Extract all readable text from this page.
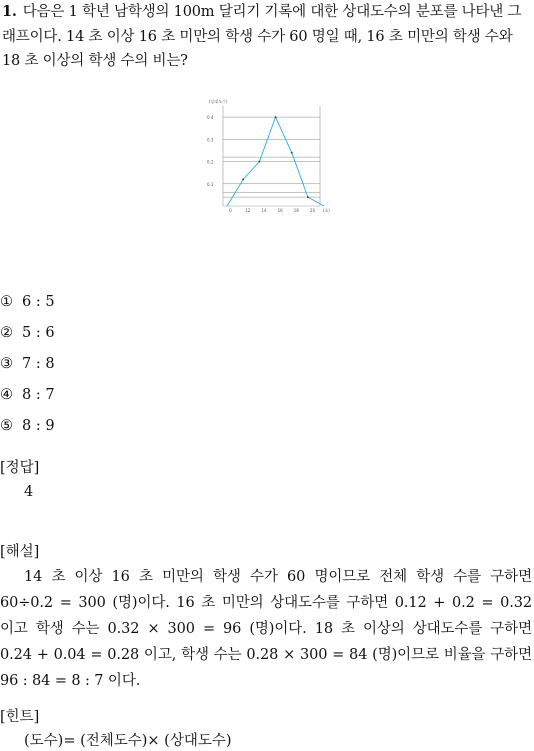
1. 다음은 1 학년 남학생의 100m 달리기 기록에 대한 상대도수의 분포를 나타낸 그래프이다. 14 초 이상 16 초 미만의 학생 수가 60 명일 때, 16 초 미만의 학생 수와 18 초 이상의 학생 수의 비는?
0.4
0.3
0.2
0.1
(상대도수)
0	12	14	16	18	20 (초)
① 6 : 5
② 5 : 6
③ 7 : 8
④ 8 : 7
⑤ 8 : 9
[정답]
4
[해설]
14 초 이상 16 초 미만의 학생 수가 60 명이므로 전체 학생 수를 구하면
60÷0.2 = 300 (명)이다. 16 초 미만의 상대도수를 구하면 0.12 + 0.2 = 0.32
이고 학생 수는 0.32 × 300 = 96 (명)이다. 18 초 이상의 상대도수를 구하면
0.24 + 0.04 = 0.28 이고, 학생 수는 0.28 × 300 = 84 (명)이므로 비율을 구하면
96 : 84 = 8 : 7 이다.
[힌트]
(도수)= (전체도수)× (상대도수)
